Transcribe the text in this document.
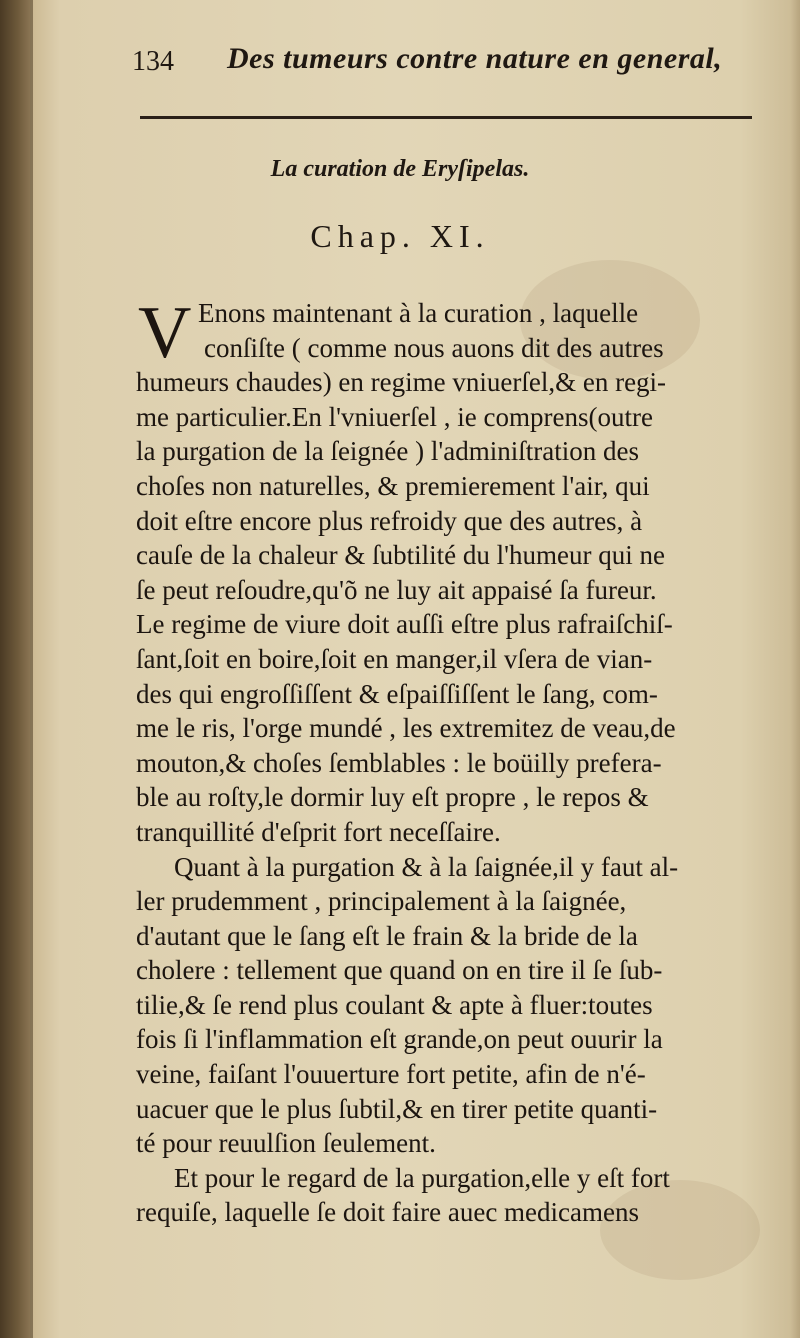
134 Des tumeurs contre nature en general,
La curation de Eryſipelas.
Chap. XI.
V Enons maintenant à la curation , laquelle
conſiſte ( comme nous auons dit des autres
humeurs chaudes) en regime vniuerſel,& en regi-
me particulier.En l'vniuerſel , ie comprens(outre
la purgation de la ſeignée ) l'adminiſtration des
choſes non naturelles, & premierement l'air, qui
doit eſtre encore plus refroidy que des autres, à
cauſe de la chaleur & ſubtilité du l'humeur qui ne
ſe peut reſoudre,qu'õ ne luy ait appaisé ſa fureur.
Le regime de viure doit auſſi eſtre plus rafraiſchiſ-
ſant,ſoit en boire,ſoit en manger,il vſera de vian-
des qui engroſſiſſent & eſpaiſſiſſent le ſang, com-
me le ris, l'orge mundé , les extremitez de veau,de
mouton,& choſes ſemblables : le boüilly prefera-
ble au roſty,le dormir luy eſt propre , le repos &
tranquillité d'eſprit fort neceſſaire.
Quant à la purgation & à la ſaignée,il y faut al-
ler prudemment , principalement à la ſaignée,
d'autant que le ſang eſt le frain & la bride de la
cholere : tellement que quand on en tire il ſe ſub-
tilie,& ſe rend plus coulant & apte à fluer:toutes
fois ſi l'inflammation eſt grande,on peut ouurir la
veine, faiſant l'ouuerture fort petite, afin de n'é-
uacuer que le plus ſubtil,& en tirer petite quanti-
té pour reuulſion ſeulement.
Et pour le regard de la purgation,elle y eſt fort
requiſe, laquelle ſe doit faire auec medicamens
